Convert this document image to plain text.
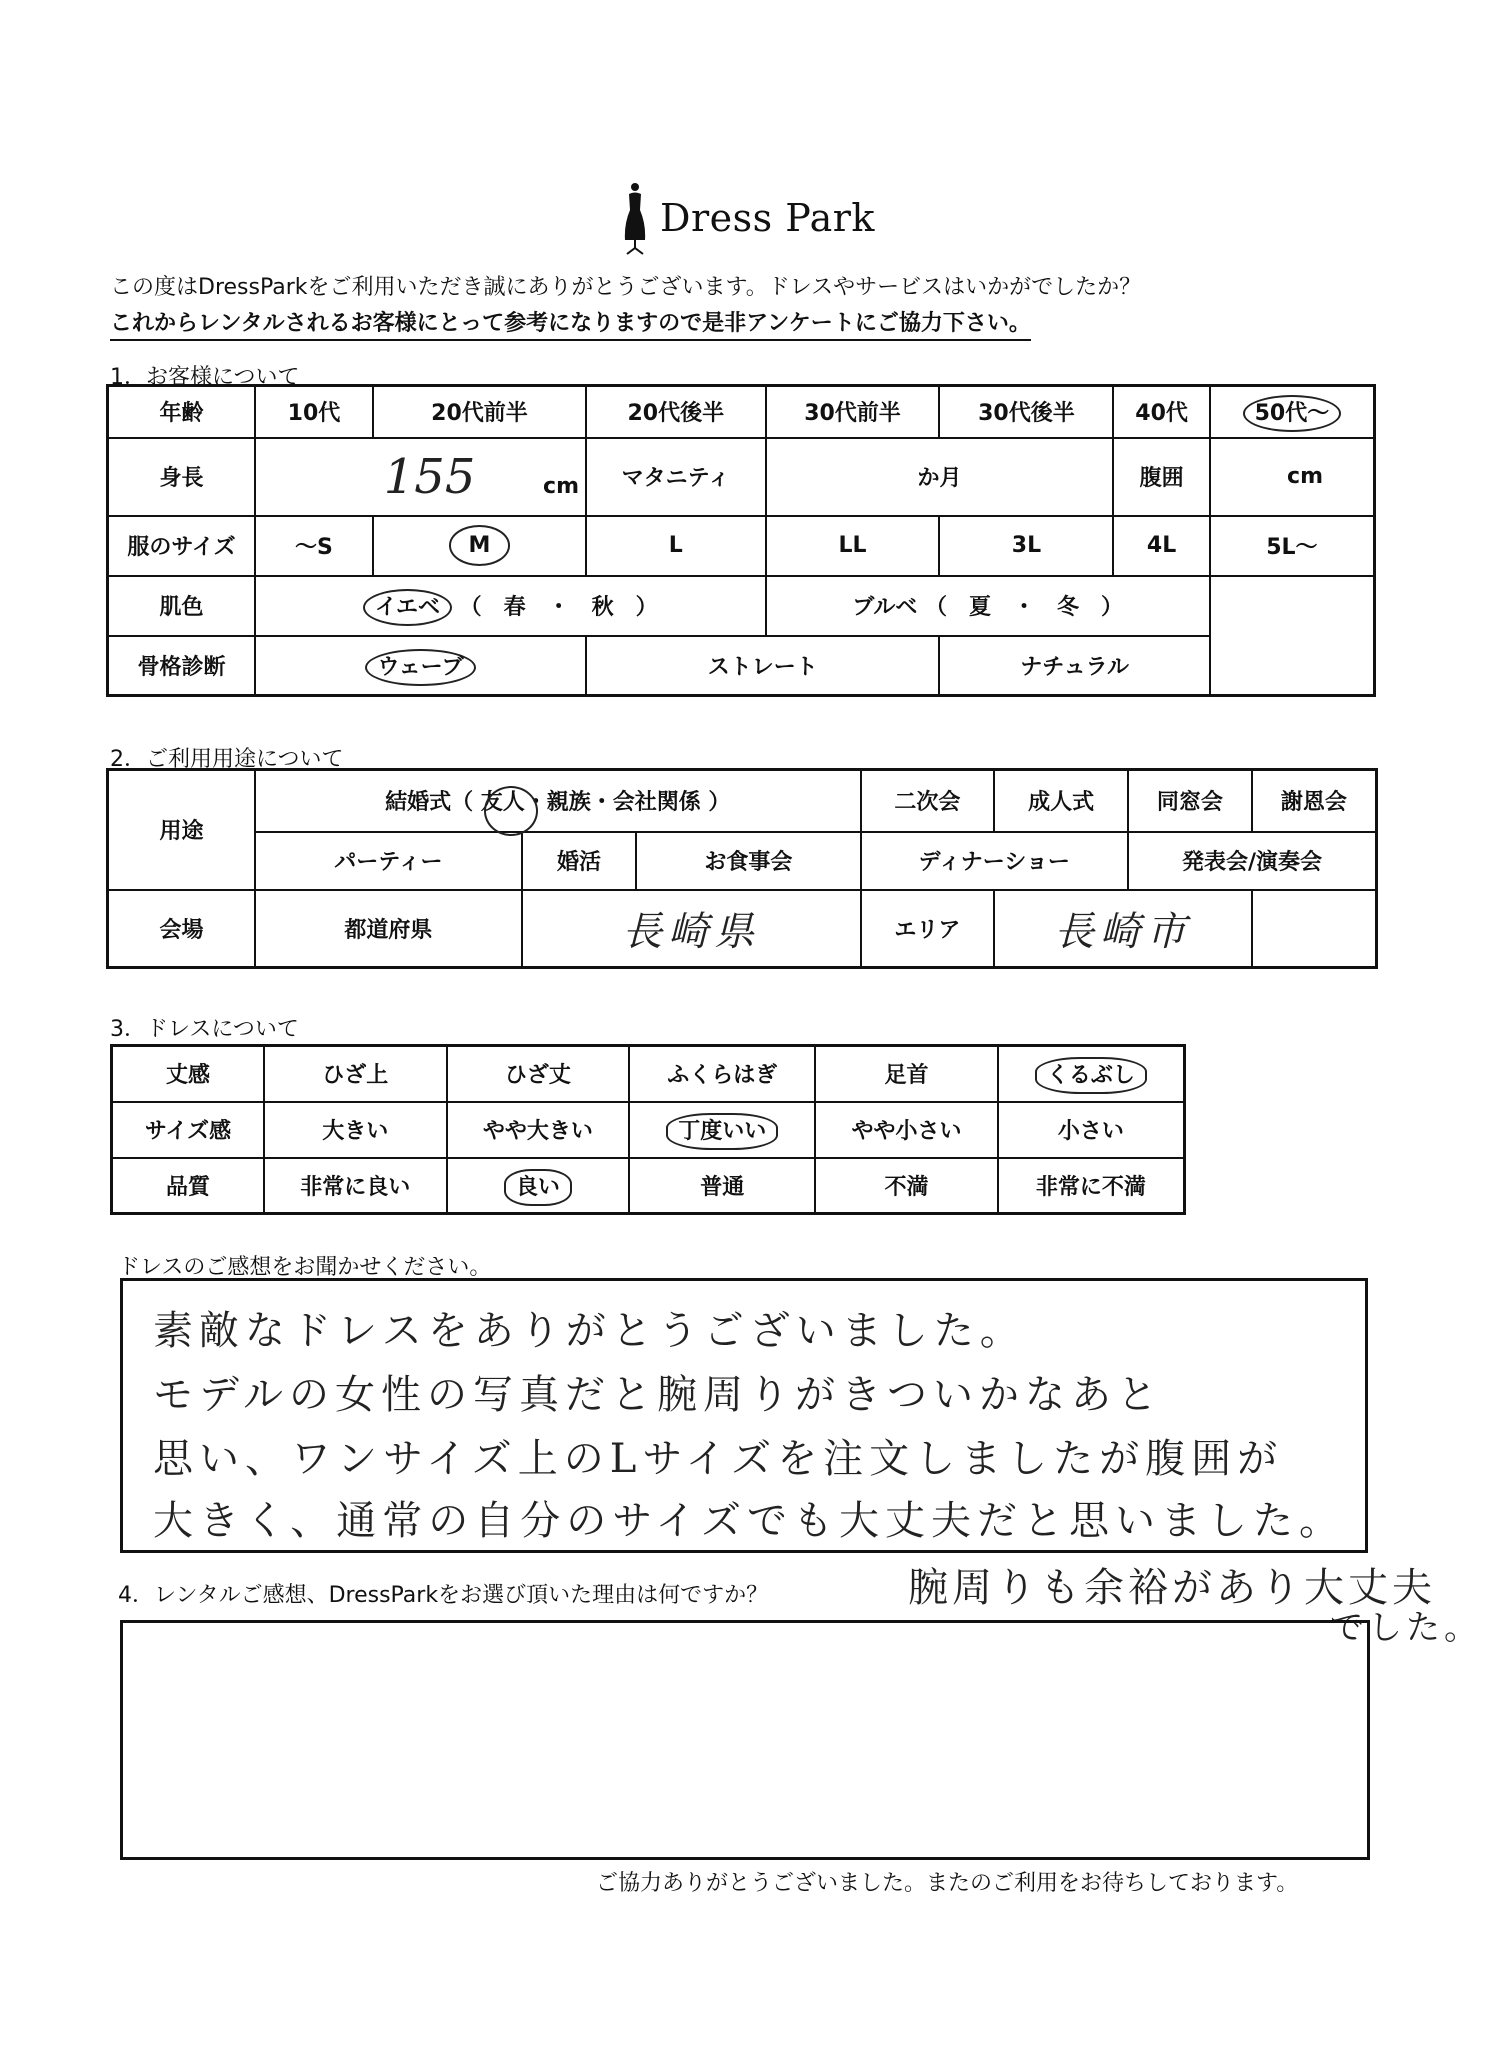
Dress Park
この度はDressParkをご利用いただき誠にありがとうございます。ドレスやサービスはいかがでしたか？
これからレンタルされるお客様にとって参考になりますので是非アンケートにご協力下さい。
1．お客様について
年齢	10代	20代前半	20代後半	30代前半	30代後半	40代	50代〜
身長	155 cm		マタニティ	か月		腹囲	cm
服のサイズ	〜S	M	L	LL	3L	4L	5L〜
肌色	イエベ （　春　・　秋　）			ブルベ （　夏　・　冬　）			
骨格診断	ウェーブ		ストレート		ナチュラル		
2．ご利用用途について
用途	結婚式（ 友人・親族・会社関係 ）			二次会	成人式	同窓会	謝恩会
	パーティー	婚活	お食事会	ディナーショー		発表会/演奏会	
会場	都道府県	長崎県		エリア	長崎市		
3．ドレスについて
丈感	ひざ上	ひざ丈	ふくらはぎ	足首	くるぶし
サイズ感	大きい	やや大きい	丁度いい	やや小さい	小さい
品質	非常に良い	良い	普通	不満	非常に不満
ドレスのご感想をお聞かせください。
素敵なドレスをありがとうございました。
モデルの女性の写真だと腕周りがきついかなあと
思い、ワンサイズ上のLサイズを注文しましたが腹囲が
大きく、通常の自分のサイズでも大丈夫だと思いました。
4．レンタルご感想、DressParkをお選び頂いた理由は何ですか？	腕周りも余裕があり大丈夫
でした。
ご協力ありがとうございました。またのご利用をお待ちしております。
